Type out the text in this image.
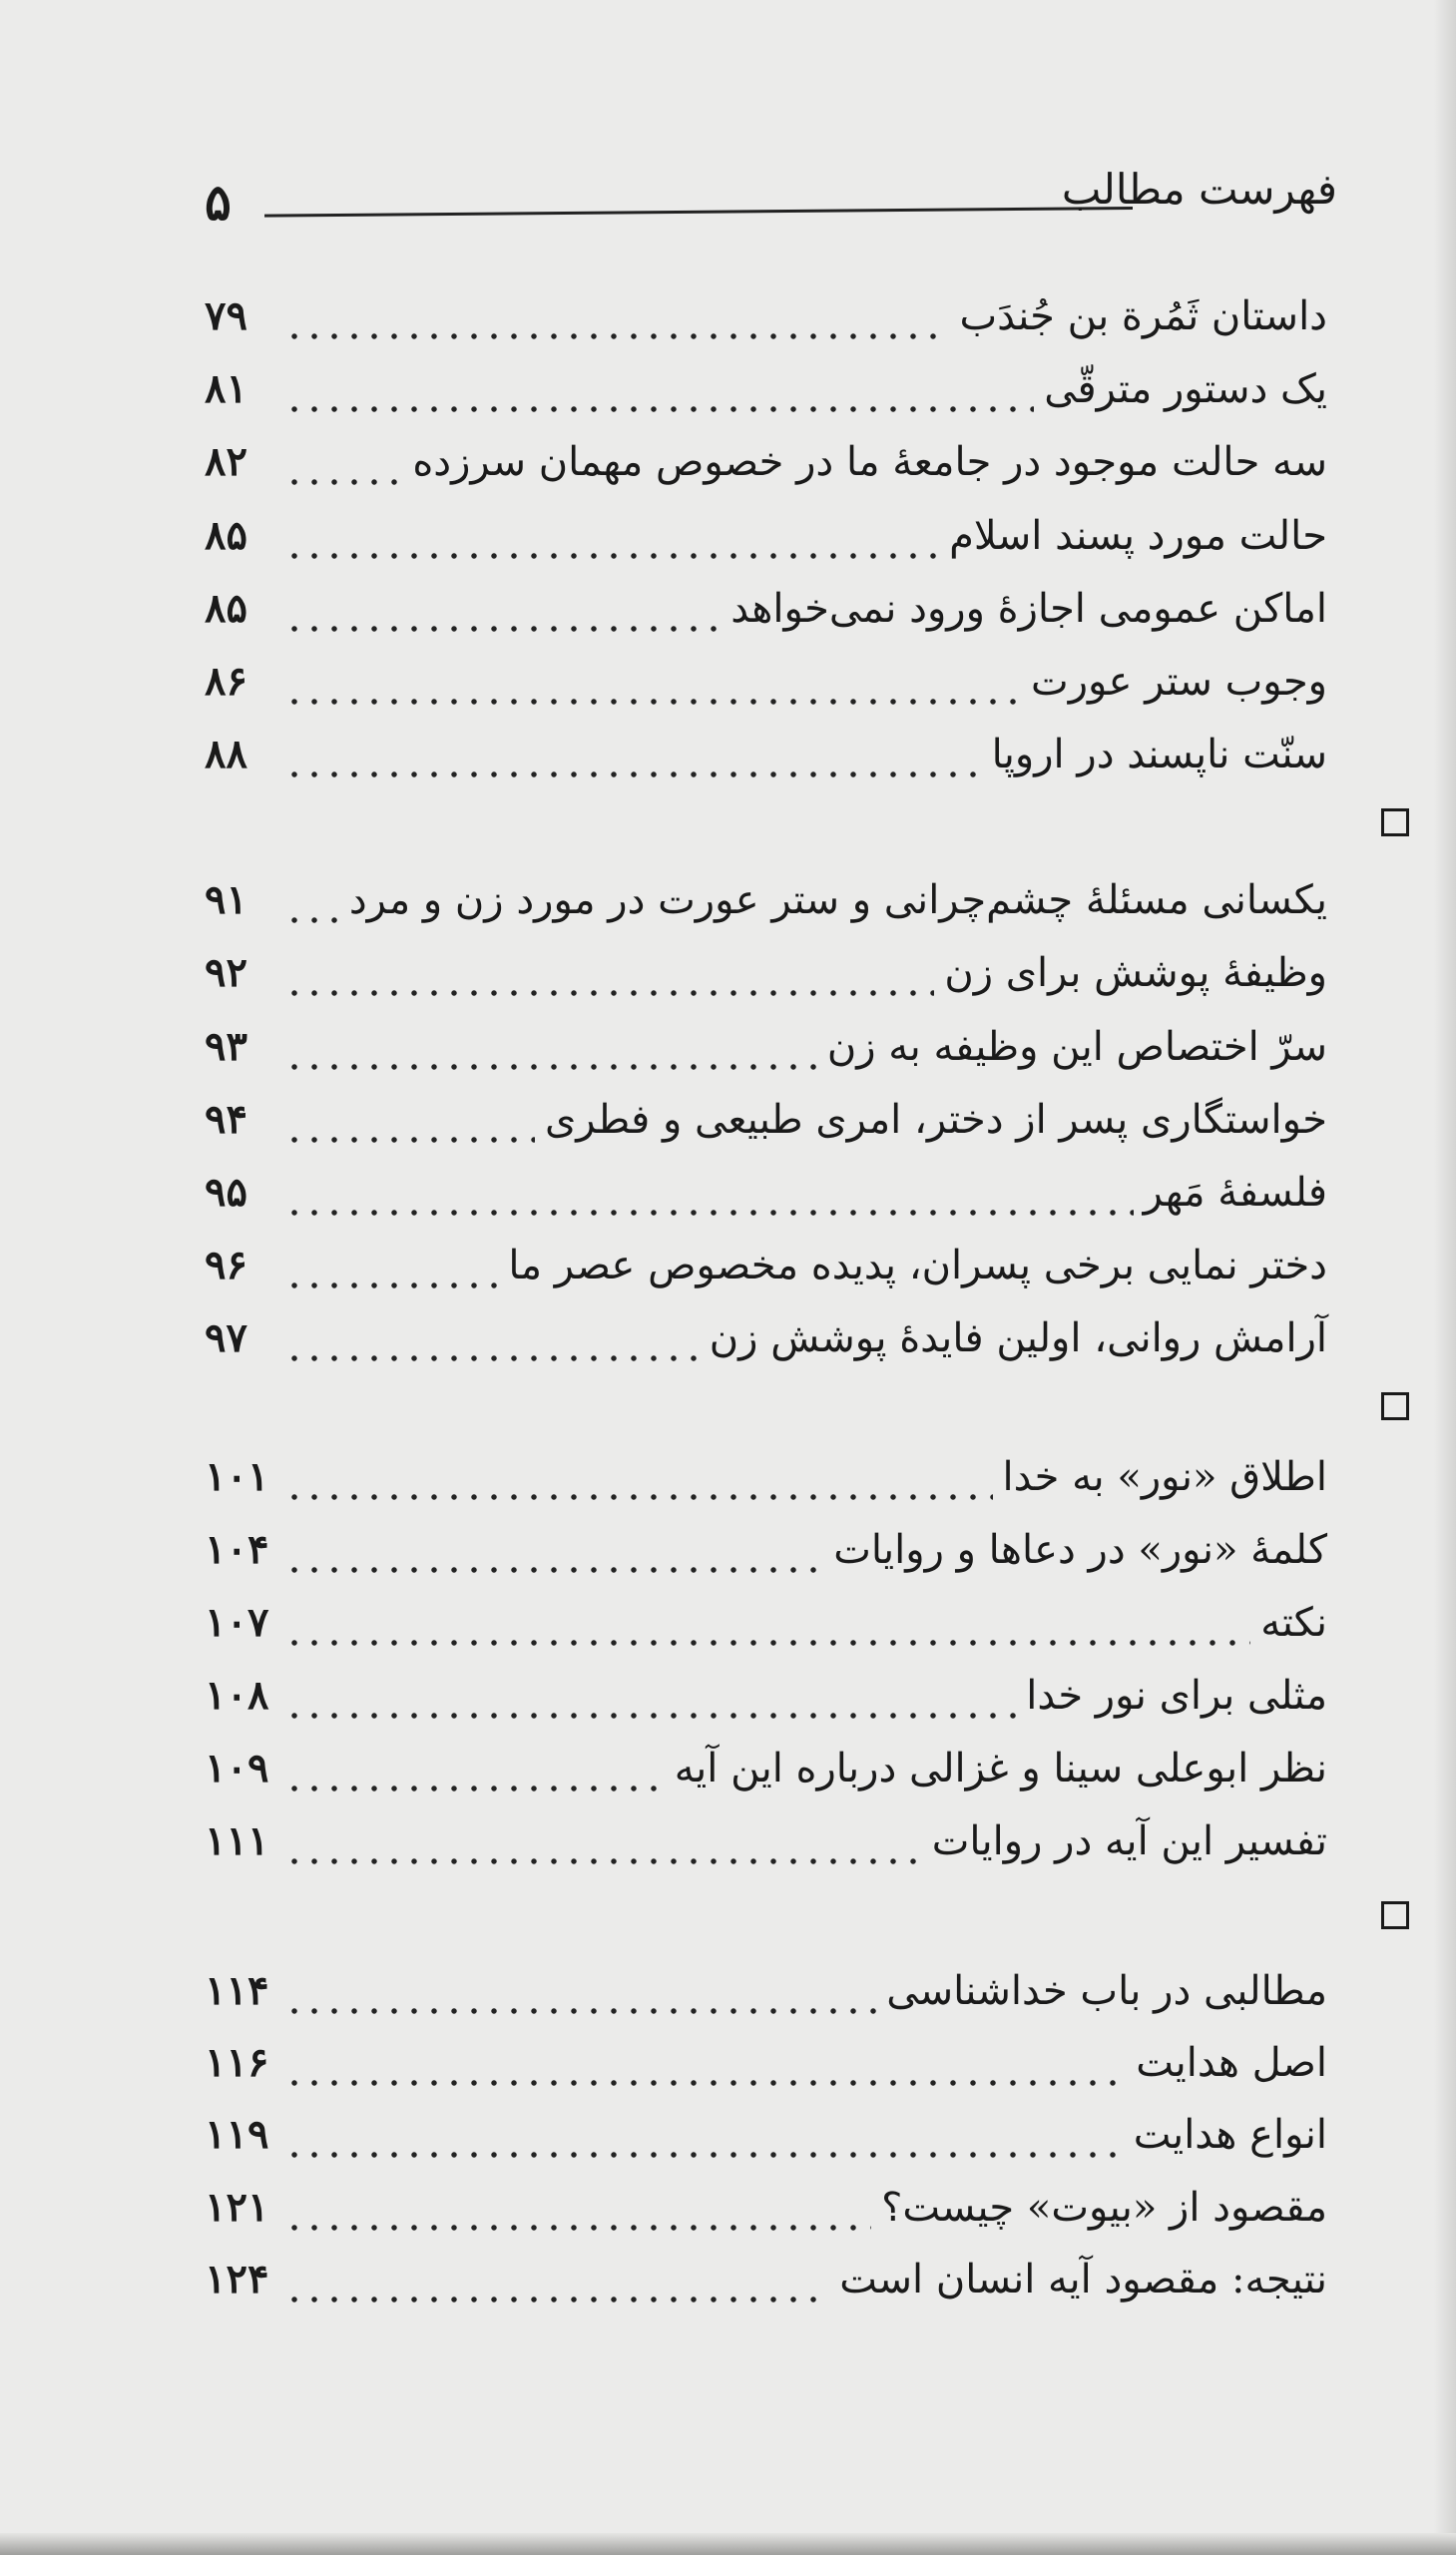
۵	فهرست مطالب
داستان ثَمُرة بن جُندَب
۷۹
یک دستور مترقّی
۸۱
سه حالت موجود در جامعهٔ ما در خصوص مهمان سرزده
۸۲
حالت مورد پسند اسلام
۸۵
اماکن عمومی اجازهٔ ورود نمی‌خواهد
۸۵
وجوب ستر عورت
۸۶
سنّت ناپسند در اروپا
۸۸
یکسانی مسئلهٔ چشم‌چرانی و ستر عورت در مورد زن و مرد
۹۱
وظیفهٔ پوشش برای زن
۹۲
سرّ اختصاص این وظیفه به زن
۹۳
خواستگاری پسر از دختر، امری طبیعی و فطری
۹۴
فلسفهٔ مَهر
۹۵
دختر نمایی برخی پسران، پدیده مخصوص عصر ما
۹۶
آرامش روانی، اولین فایدهٔ پوشش زن
۹۷
اطلاق «نور» به خدا
۱۰۱
کلمهٔ «نور» در دعاها و روایات
۱۰۴
نکته
۱۰۷
مثلی برای نور خدا
۱۰۸
نظر ابوعلی سینا و غزالی درباره این آیه
۱۰۹
تفسیر این آیه در روایات
۱۱۱
مطالبی در باب خداشناسی
۱۱۴
اصل هدایت
۱۱۶
انواع هدایت
۱۱۹
مقصود از «بیوت» چیست؟
۱۲۱
نتیجه: مقصود آیه انسان است
۱۲۴
